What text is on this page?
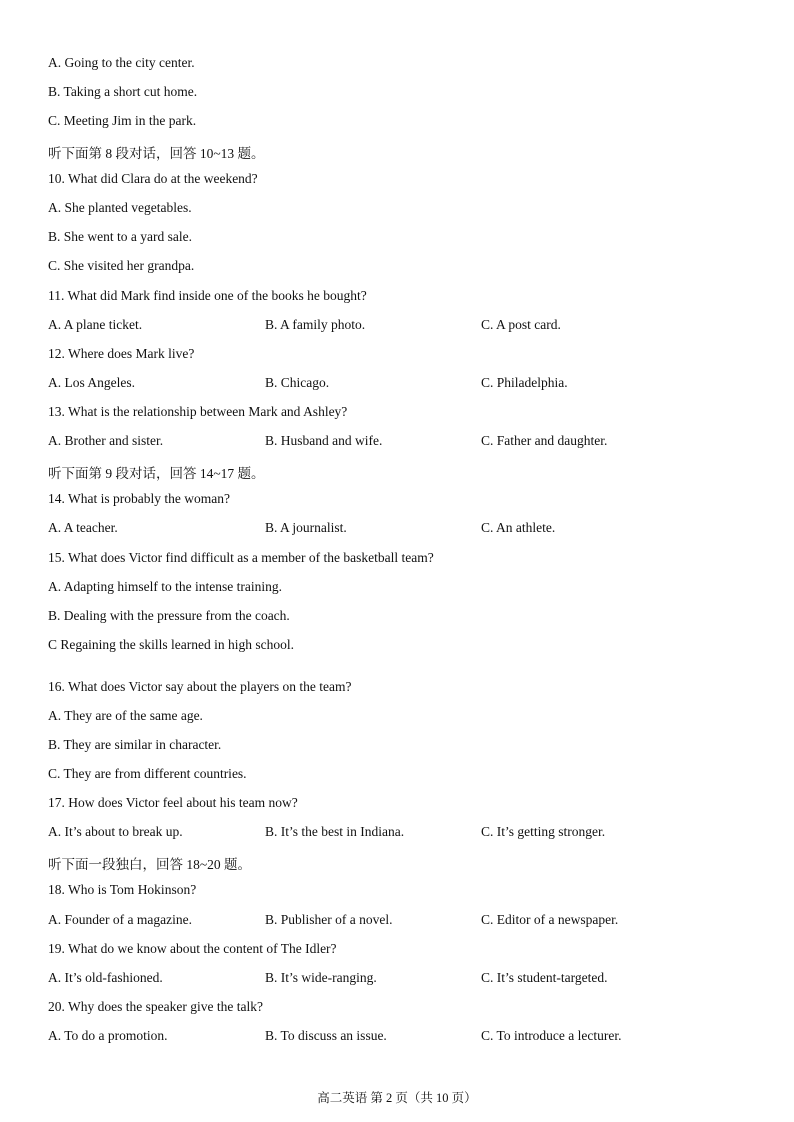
A. Going to the city center.
B. Taking a short cut home.
C. Meeting Jim in the park.
听下面第 8 段对话，回答 10~13 题。
10. What did Clara do at the weekend?
A. She planted vegetables.
B. She went to a yard sale.
C. She visited her grandpa.
11. What did Mark find inside one of the books he bought?
A. A plane ticket.	B. A family photo.	C. A post card.
12. Where does Mark live?
A. Los Angeles.	B. Chicago.	C. Philadelphia.
13. What is the relationship between Mark and Ashley?
A. Brother and sister.	B. Husband and wife.	C. Father and daughter.
听下面第 9 段对话，回答 14~17 题。
14. What is probably the woman?
A. A teacher.	B. A journalist.	C. An athlete.
15. What does Victor find difficult as a member of the basketball team?
A. Adapting himself to the intense training.
B. Dealing with the pressure from the coach.
C Regaining the skills learned in high school.
16. What does Victor say about the players on the team?
A. They are of the same age.
B. They are similar in character.
C. They are from different countries.
17. How does Victor feel about his team now?
A. It’s about to break up.	B. It’s the best in Indiana.	C. It’s getting stronger.
听下面一段独白，回答 18~20 题。
18. Who is Tom Hokinson?
A. Founder of a magazine.	B. Publisher of a novel.	C. Editor of a newspaper.
19. What do we know about the content of The Idler?
A. It’s old-fashioned.	B. It’s wide-ranging.	C. It’s student-targeted.
20. Why does the speaker give the talk?
A. To do a promotion.	B. To discuss an issue.	C. To introduce a lecturer.
高二英语 第 2 页（共 10 页）
